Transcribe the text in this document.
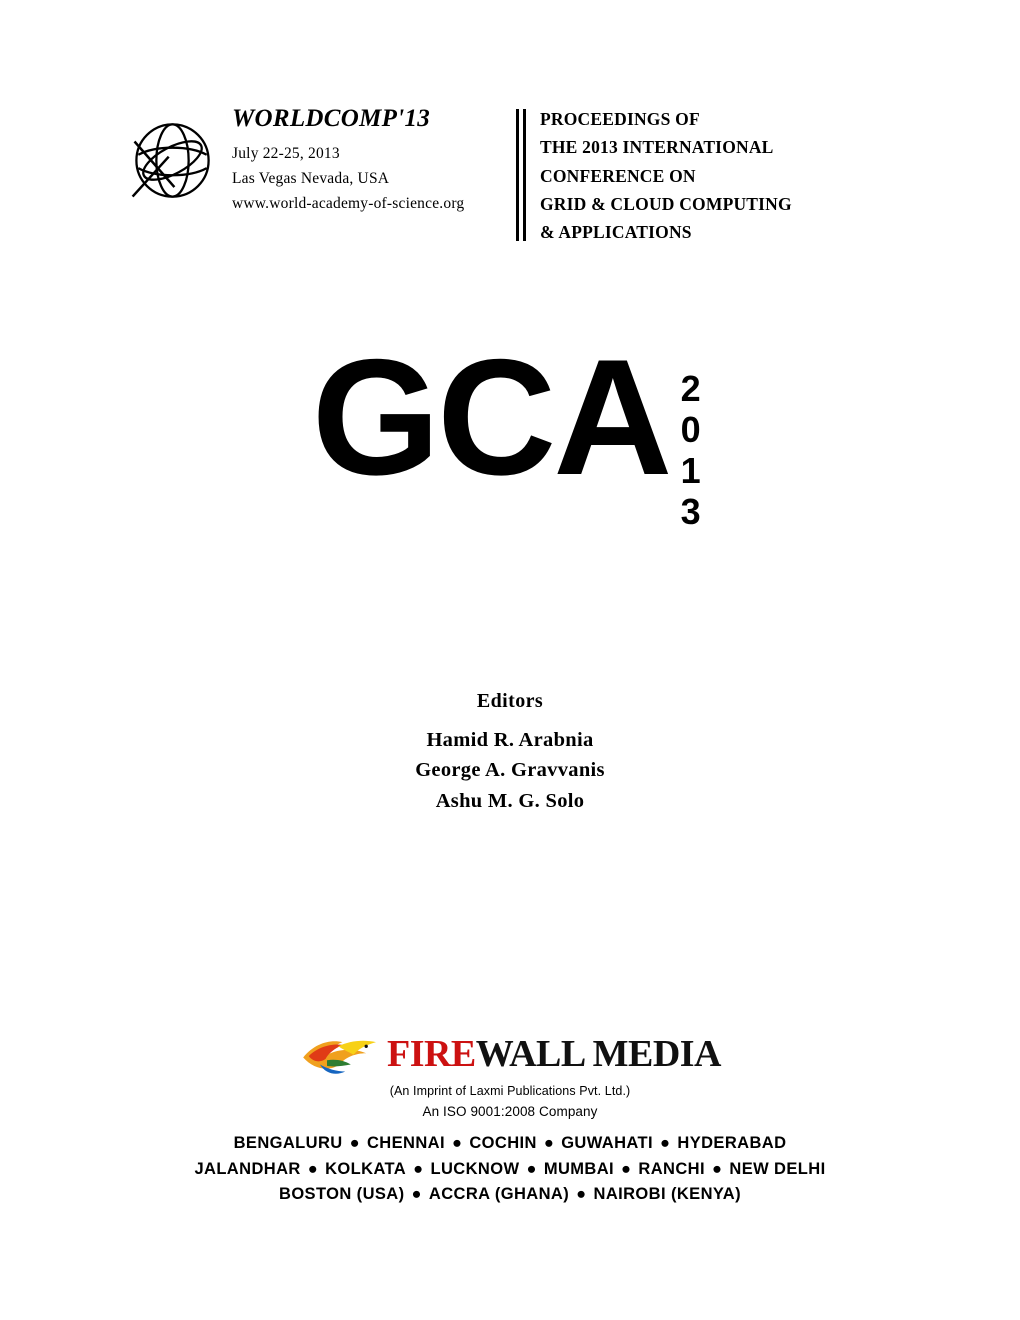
WORLDCOMP'13
July 22-25, 2013
Las Vegas Nevada, USA
www.world-academy-of-science.org
PROCEEDINGS OF
THE 2013 INTERNATIONAL
CONFERENCE ON
GRID & CLOUD COMPUTING
& APPLICATIONS
GCA 2013
Editors
Hamid R. Arabnia
George A. Gravvanis
Ashu M. G. Solo
FIREWALL MEDIA
(An Imprint of Laxmi Publications Pvt. Ltd.)
An ISO 9001:2008 Company
BENGALURU ● CHENNAI ● COCHIN ● GUWAHATI ● HYDERABAD
JALANDHAR ● KOLKATA ● LUCKNOW ● MUMBAI ● RANCHI ● NEW DELHI
BOSTON (USA) ● ACCRA (GHANA) ● NAIROBI (KENYA)
